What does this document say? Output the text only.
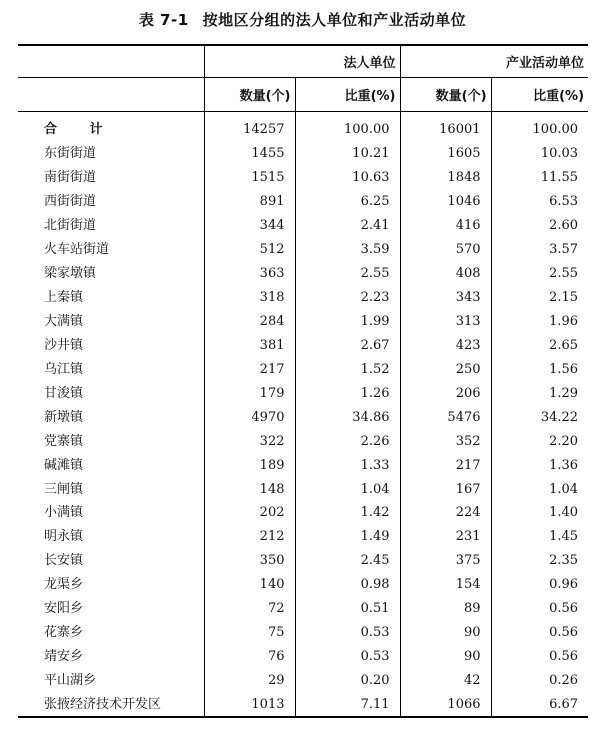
表 7-1 按地区分组的法人单位和产业活动单位
	法人单位		产业活动单位	
	数量(个)	比重(%)	数量(个)	比重(%)
合 计	14257	100.00	16001	100.00
东街街道	1455	10.21	1605	10.03
南街街道	1515	10.63	1848	11.55
西街街道	891	6.25	1046	6.53
北街街道	344	2.41	416	2.60
火车站街道	512	3.59	570	3.57
梁家墩镇	363	2.55	408	2.55
上秦镇	318	2.23	343	2.15
大满镇	284	1.99	313	1.96
沙井镇	381	2.67	423	2.65
乌江镇	217	1.52	250	1.56
甘浚镇	179	1.26	206	1.29
新墩镇	4970	34.86	5476	34.22
党寨镇	322	2.26	352	2.20
碱滩镇	189	1.33	217	1.36
三闸镇	148	1.04	167	1.04
小满镇	202	1.42	224	1.40
明永镇	212	1.49	231	1.45
长安镇	350	2.45	375	2.35
龙渠乡	140	0.98	154	0.96
安阳乡	72	0.51	89	0.56
花寨乡	75	0.53	90	0.56
靖安乡	76	0.53	90	0.56
平山湖乡	29	0.20	42	0.26
张掖经济技术开发区	1013	7.11	1066	6.67
